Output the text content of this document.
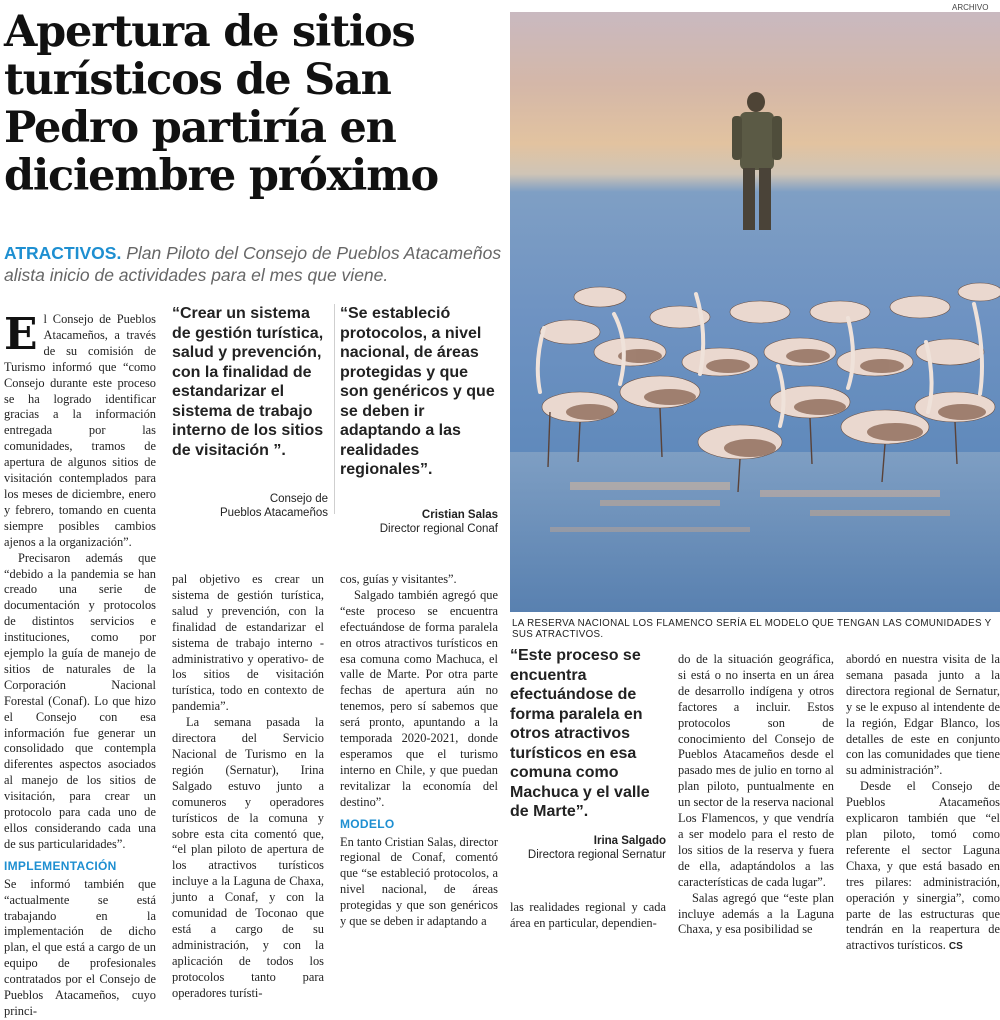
Apertura de sitios turísticos de San Pedro partiría en diciembre próximo
ATRACTIVOS. Plan Piloto del Consejo de Pueblos Atacameños alista inicio de actividades para el mes que viene.
ARCHIVO
LA RESERVA NACIONAL LOS FLAMENCO SERÍA EL MODELO QUE TENGAN LAS COMUNIDADES Y SUS ATRACTIVOS.
E l Consejo de Pueblos Atacameños, a través de su comisión de Turismo informó que “como Consejo durante este proceso se ha logrado identificar gracias a la información entregada por las comunidades, tramos de apertura de algunos sitios de visitación contemplados para los meses de diciembre, enero y febrero, tomando en cuenta siempre posibles cambios ajenos a la organización”.

Precisaron además que “debido a la pandemia se han creado una serie de documentación y protocolos de distintos servicios e instituciones, como por ejemplo la guía de manejo de sitios de naturales de la Corporación Nacional Forestal (Conaf). Lo que hizo el Consejo con esa información fue generar un consolidado que contempla diferentes aspectos asociados al manejo de los sitios de visitación, para crear un protocolo para cada uno de ellos considerando cada una de sus particularidades”.

IMPLEMENTACIÓN

Se informó también que “actualmente se está trabajando en la implementación de dicho plan, el que está a cargo de un equipo de profesionales contratados por el Consejo de Pueblos Atacameños, cuyo princi-

“Crear un sistema de gestión turística, salud y prevención, con la finalidad de estandarizar el sistema de trabajo interno de los sitios de visitación ”.
Consejo de
Pueblos Atacameños
“Se estableció protocolos, a nivel nacional, de áreas protegidas y que son genéricos y que se deben ir adaptando a las realidades regionales”.
Cristian Salas
Director regional Conaf

pal objetivo es crear un sistema de gestión turística, salud y prevención, con la finalidad de estandarizar el sistema de trabajo interno -administrativo y operativo- de los sitios de visitación turística, todo en contexto de pandemia”.

La semana pasada la directora del Servicio Nacional de Turismo en la región (Sernatur), Irina Salgado estuvo junto a comuneros y operadores turísticos de la comuna y sobre esta cita comentó que, “el plan piloto de apertura de los atractivos turísticos incluye a la Laguna de Chaxa, junto a Conaf, y con la comunidad de Toconao que está a cargo de su administración, y con la aplicación de todos los protocolos tanto para operadores turísti-

cos, guías y visitantes”.

Salgado también agregó que “este proceso se encuentra efectuándose de forma paralela en otros atractivos turísticos en esa comuna como Machuca, el valle de Marte. Por otra parte fechas de apertura aún no tenemos, pero sí sabemos que será pronto, apuntando a la temporada 2020-2021, donde esperamos que el turismo interno en Chile, y que puedan revitalizar la economía del destino”.

MODELO

En tanto Cristian Salas, director regional de Conaf, comentó que “se estableció protocolos, a nivel nacional, de áreas protegidas y que son genéricos y que se deben ir adaptando a

“Este proceso se encuentra efectuándose de forma paralela en otros atractivos turísticos en esa comuna como Machuca y el valle de Marte”.
Irina Salgado
Directora regional Sernatur

las realidades regional y cada área en particular, dependien-

do de la situación geográfica, si está o no inserta en un área de desarrollo indígena y otros factores a incluir. Estos protocolos son de conocimiento del Consejo de Pueblos Atacameños desde el pasado mes de julio en torno al plan piloto, puntualmente en un sector de la reserva nacional Los Flamencos, y que vendría a ser modelo para el resto de los sitios de la reserva y fuera de ella, adaptándolos a las características de cada lugar”.

Salas agregó que “este plan incluye además a la Laguna Chaxa, y esa posibilidad se

abordó en nuestra visita de la semana pasada junto a la directora regional de Sernatur, y se le expuso al intendente de la región, Edgar Blanco, los detalles de este en conjunto con las comunidades que tiene su administración”.

Desde el Consejo de Pueblos Atacameños explicaron también que “el plan piloto, tomó como referente el sector Laguna Chaxa, y que está basado en tres pilares: administración, operación y sinergia”, como parte de las estructuras que tendrán en la reapertura de atractivos turísticos. CS
